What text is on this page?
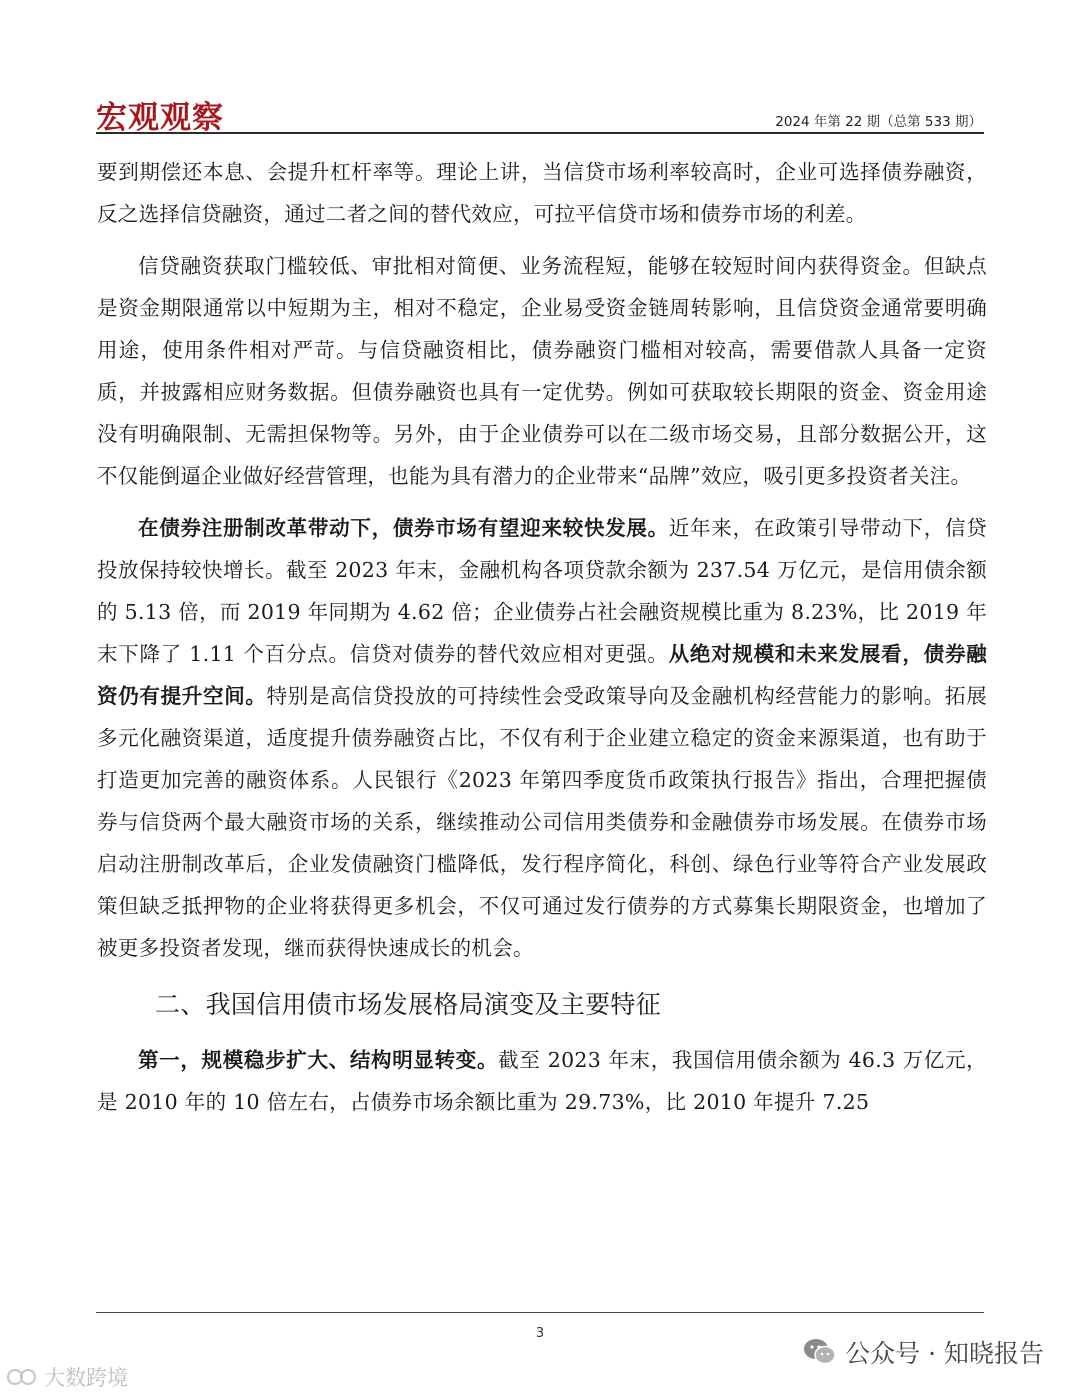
宏观观察	2024 年第 22 期（总第 533 期）

要到期偿还本息、会提升杠杆率等。理论上讲，当信贷市场利率较高时，企业可选择债券融资，反之选择信贷融资，通过二者之间的替代效应，可拉平信贷市场和债券市场的利差。

信贷融资获取门槛较低、审批相对简便、业务流程短，能够在较短时间内获得资金。但缺点是资金期限通常以中短期为主，相对不稳定，企业易受资金链周转影响，且信贷资金通常要明确用途，使用条件相对严苛。与信贷融资相比，债券融资门槛相对较高，需要借款人具备一定资质，并披露相应财务数据。但债券融资也具有一定优势。例如可获取较长期限的资金、资金用途没有明确限制、无需担保物等。另外，由于企业债券可以在二级市场交易，且部分数据公开，这不仅能倒逼企业做好经营管理，也能为具有潜力的企业带来“品牌”效应，吸引更多投资者关注。

在债券注册制改革带动下，债券市场有望迎来较快发展。近年来，在政策引导带动下，信贷投放保持较快增长。截至 2023 年末，金融机构各项贷款余额为 237.54 万亿元，是信用债余额的 5.13 倍，而 2019 年同期为 4.62 倍；企业债券占社会融资规模比重为 8.23%，比 2019 年末下降了 1.11 个百分点。信贷对债券的替代效应相对更强。从绝对规模和未来发展看，债券融资仍有提升空间。特别是高信贷投放的可持续性会受政策导向及金融机构经营能力的影响。拓展多元化融资渠道，适度提升债券融资占比，不仅有利于企业建立稳定的资金来源渠道，也有助于打造更加完善的融资体系。人民银行《2023 年第四季度货币政策执行报告》指出，合理把握债券与信贷两个最大融资市场的关系，继续推动公司信用类债券和金融债券市场发展。在债券市场启动注册制改革后，企业发债融资门槛降低，发行程序简化，科创、绿色行业等符合产业发展政策但缺乏抵押物的企业将获得更多机会，不仅可通过发行债券的方式募集长期限资金，也增加了被更多投资者发现，继而获得快速成长的机会。

二、我国信用债市场发展格局演变及主要特征

第一，规模稳步扩大、结构明显转变。截至 2023 年末，我国信用债余额为 46.3 万亿元，是 2010 年的 10 倍左右，占债券市场余额比重为 29.73%，比 2010 年提升 7.25

3
公众号 · 知晓报告
大数跨境
